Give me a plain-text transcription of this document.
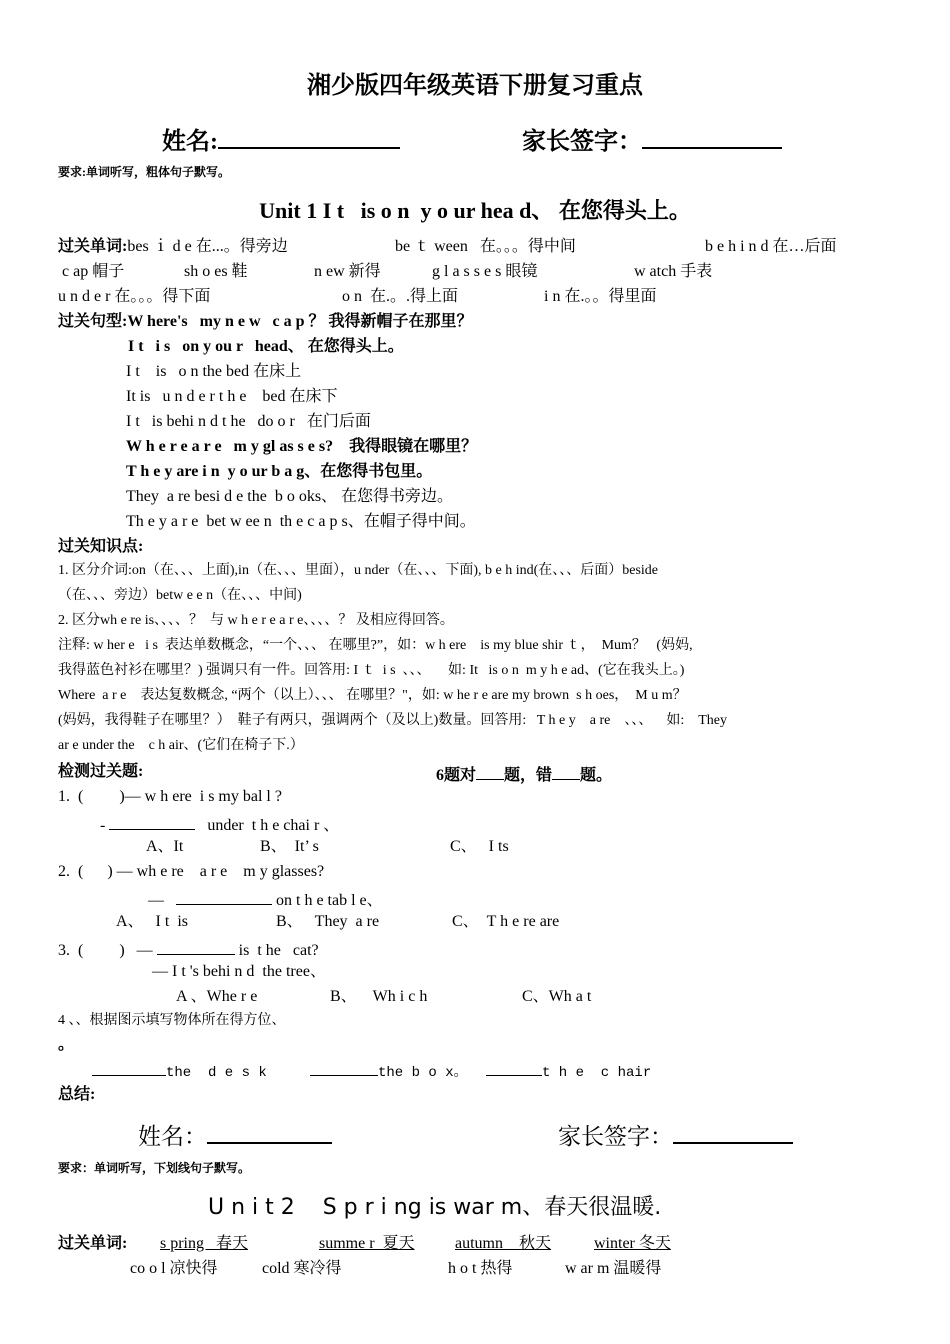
湘少版四年级英语下册复习重点
姓名:	家长签字：
要求:单词听写，粗体句子默写。
Unit 1 I t   is o n  y o ur hea d、 在您得头上。
过关单词:bes ｉ d e 在...。得旁边	be ｔ ween   在。。。得中间	b e h i n d 在…后面
c ap 帽子	sh o es 鞋	n ew 新得	g l a s s e s 眼镜	w atch 手表
u n d e r 在。。。得下面	o n  在.。.得上面	i n 在.。。得里面
过关句型:W here's   my n e w   c a p ？ 我得新帽子在那里？
I t   i s   on y ou r   head、 在您得头上。
I t    is   o n the bed 在床上
It is   u n d e r t h e    bed 在床下
I t   is behi n d t he   do o r   在门后面
W h e r e a r e   m y gl as s e s?    我得眼镜在哪里？
T h e y are i n  y o ur b a g、在您得书包里。
They  a re besi d e the  b o oks、 在您得书旁边。
Th e y a r e  bet w ee n  th e c a p s、在帽子得中间。
过关知识点:
1. 区分介词:on（在、、、上面),in（在、、、里面），u nder（在、、、下面), b e h ind(在、、、后面）beside
（在、、、旁边）betw e e n（在、、、中间)
2. 区分wh e re is、、、、？  与 w h e r e a r e、、、、？ 及相应得回答。
注释: w her e   i s  表达单数概念，“一个、、、 在哪里?”，如：w h ere    is my blue shir ｔ，  Mum？   (妈妈,
我得蓝色衬衫在哪里？) 强调只有一件。回答用: I ｔ  i s  、、、     如: It   is o n  m y h e ad、(它在我头上。)
Where  a r e    表达复数概念, “两个（以上）、、、 在哪里？"，如: w he r e are my brown  s h oes，  M u m？
(妈妈，我得鞋子在哪里？）  鞋子有两只，强调两个（及以上)数量。回答用:   T h e y    a re    、、、    如:    They
ar e under the    c h air、(它们在椅子下.）
检测过关题:	6题对 题，错 题。
1.  (         )— w h ere  i s my bal l ?
-	under  t h e chai r 、
A、It	B、  It’ s	C、   I ts
2.  (      ) — wh e re    a r e    m y glasses?
—	on t h e tab l e、
A、   I t  is	B、   They  a re	C、  T h e re are
3.  (         )   —	is  t he   cat?
— I t 's behi n d  the tree、
A 、Whe r e	B、    Wh i c h	C、Wh a t
4 、、根据图示填写物体所在得方位、
。
the  d e s k	the b o x。	t h e  c hair
总结:
姓名：	家长签字：
要求：单词听写，下划线句子默写。
U n i t 2    S p r i ng is war m、春天很温暖.
过关单词: s pring   春天	summe r  夏天	autumn    秋天	winter 冬天
co o l 凉快得	cold 寒冷得	h o t 热得	w ar m 温暖得
